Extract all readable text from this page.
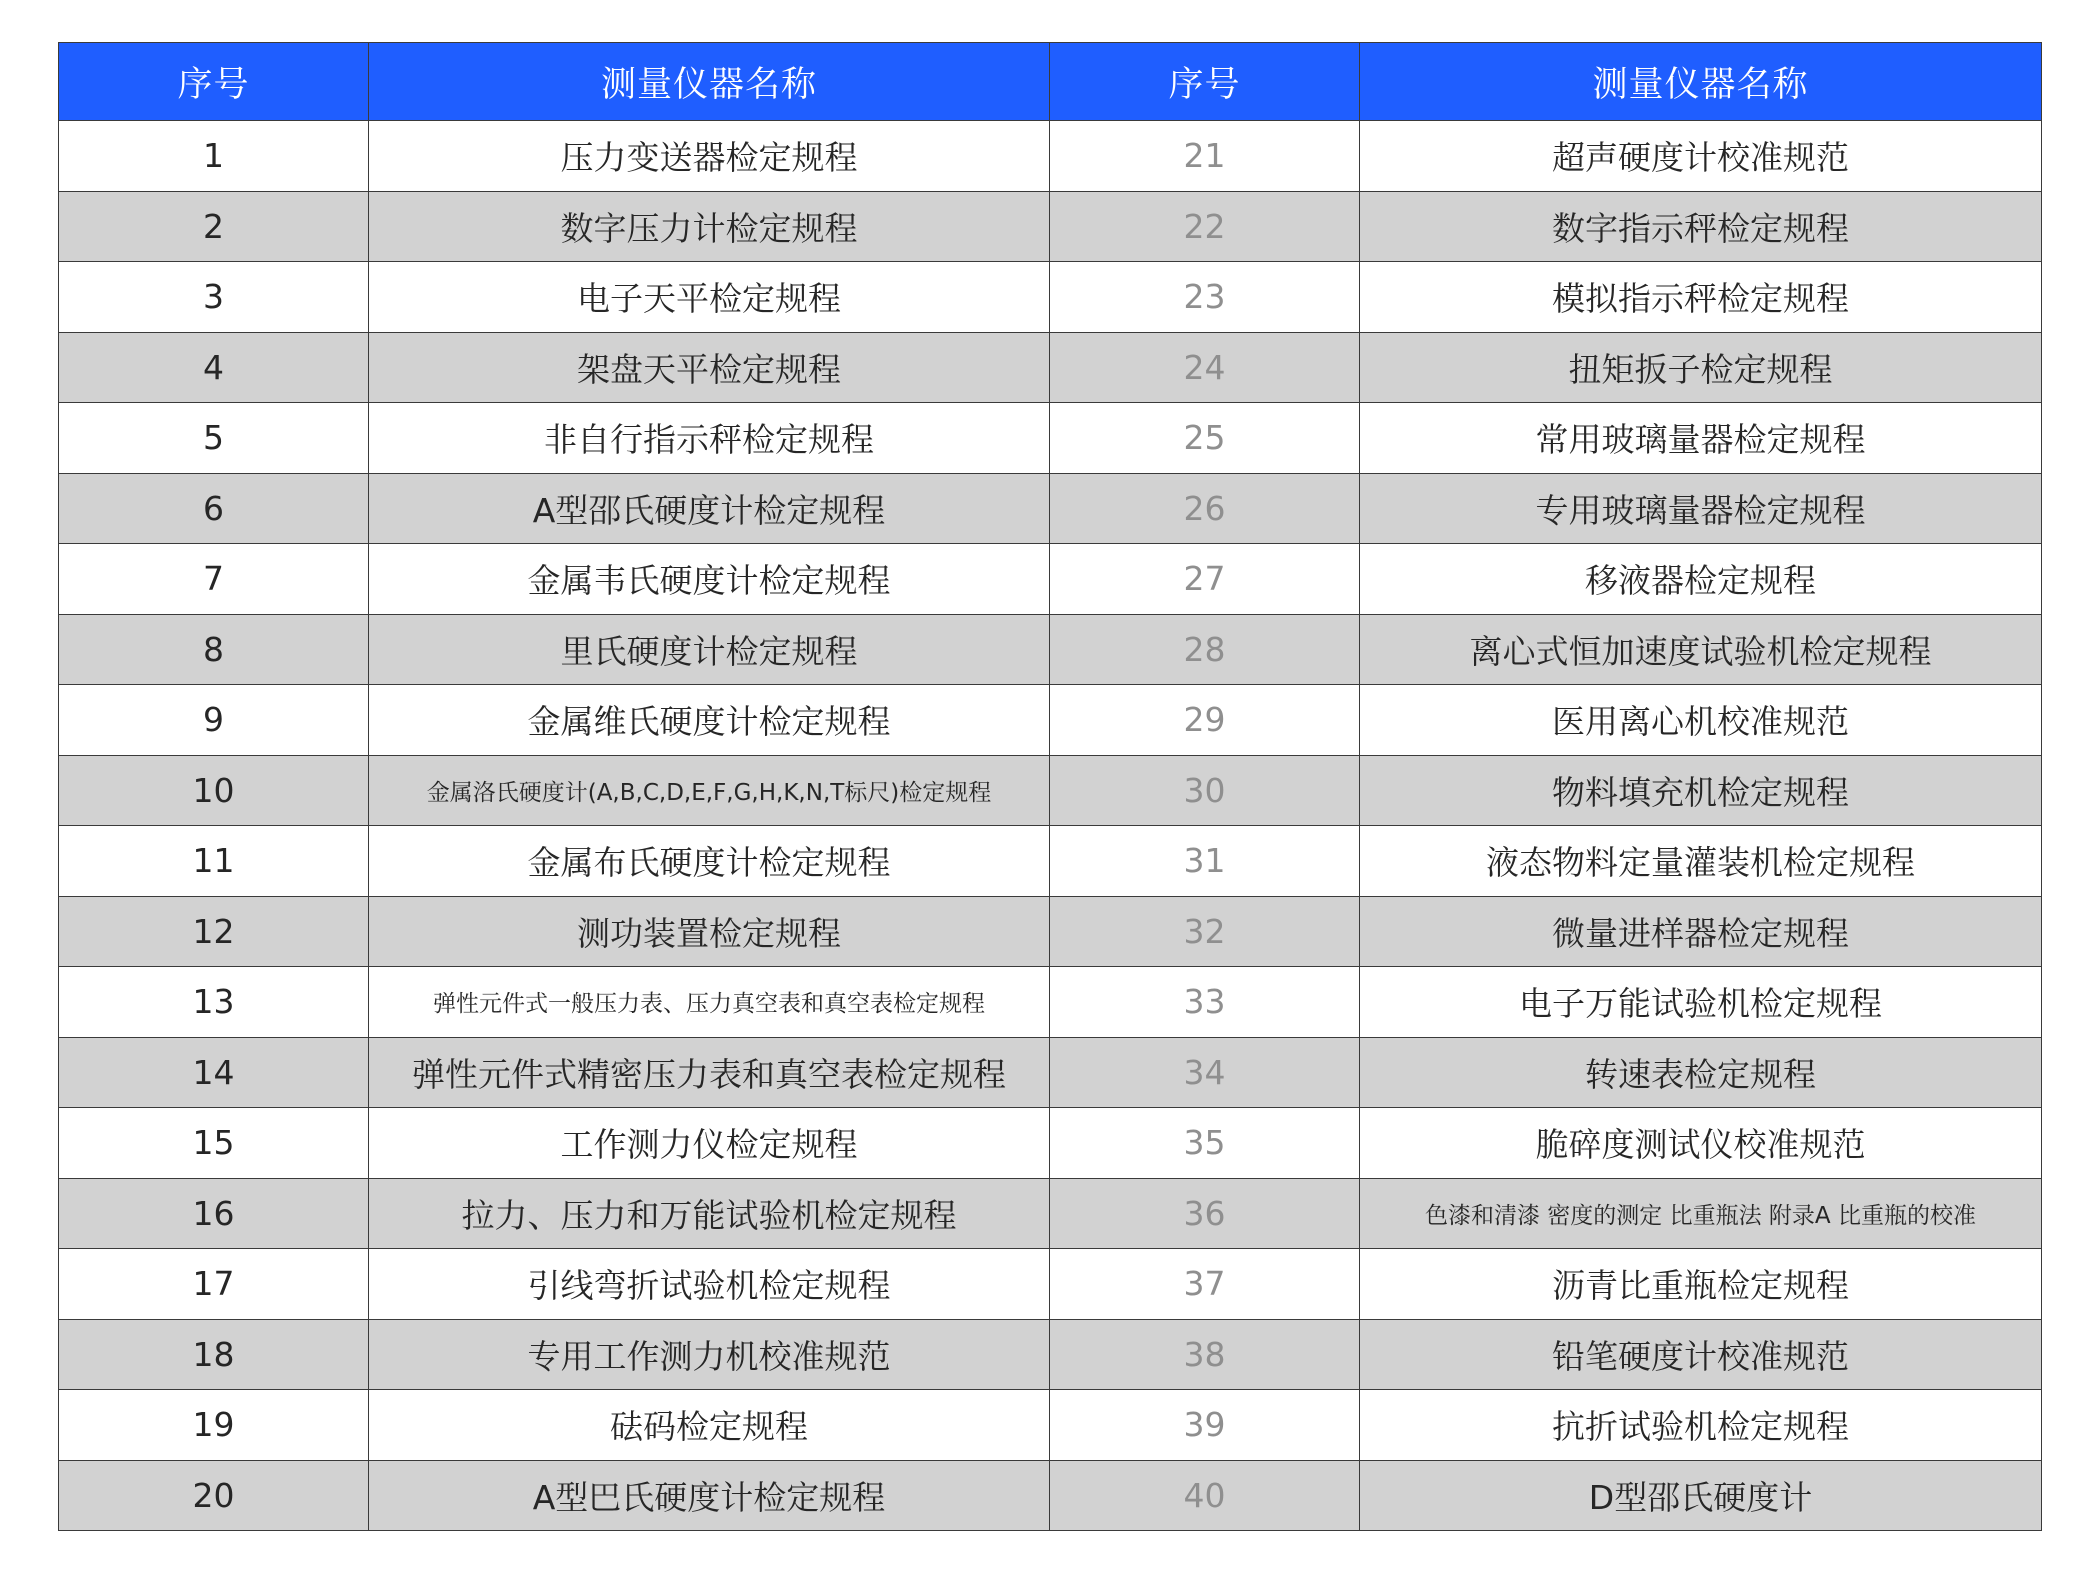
序号	测量仪器名称	序号	测量仪器名称
1	压力变送器检定规程	21	超声硬度计校准规范
2	数字压力计检定规程	22	数字指示秤检定规程
3	电子天平检定规程	23	模拟指示秤检定规程
4	架盘天平检定规程	24	扭矩扳子检定规程
5	非自行指示秤检定规程	25	常用玻璃量器检定规程
6	A型邵氏硬度计检定规程	26	专用玻璃量器检定规程
7	金属韦氏硬度计检定规程	27	移液器检定规程
8	里氏硬度计检定规程	28	离心式恒加速度试验机检定规程
9	金属维氏硬度计检定规程	29	医用离心机校准规范
10	金属洛氏硬度计(A,B,C,D,E,F,G,H,K,N,T标尺)检定规程	30	物料填充机检定规程
11	金属布氏硬度计检定规程	31	液态物料定量灌装机检定规程
12	测功装置检定规程	32	微量进样器检定规程
13	弹性元件式一般压力表、压力真空表和真空表检定规程	33	电子万能试验机检定规程
14	弹性元件式精密压力表和真空表检定规程	34	转速表检定规程
15	工作测力仪检定规程	35	脆碎度测试仪校准规范
16	拉力、压力和万能试验机检定规程	36	色漆和清漆 密度的测定 比重瓶法 附录A 比重瓶的校准
17	引线弯折试验机检定规程	37	沥青比重瓶检定规程
18	专用工作测力机校准规范	38	铅笔硬度计校准规范
19	砝码检定规程	39	抗折试验机检定规程
20	A型巴氏硬度计检定规程	40	D型邵氏硬度计
